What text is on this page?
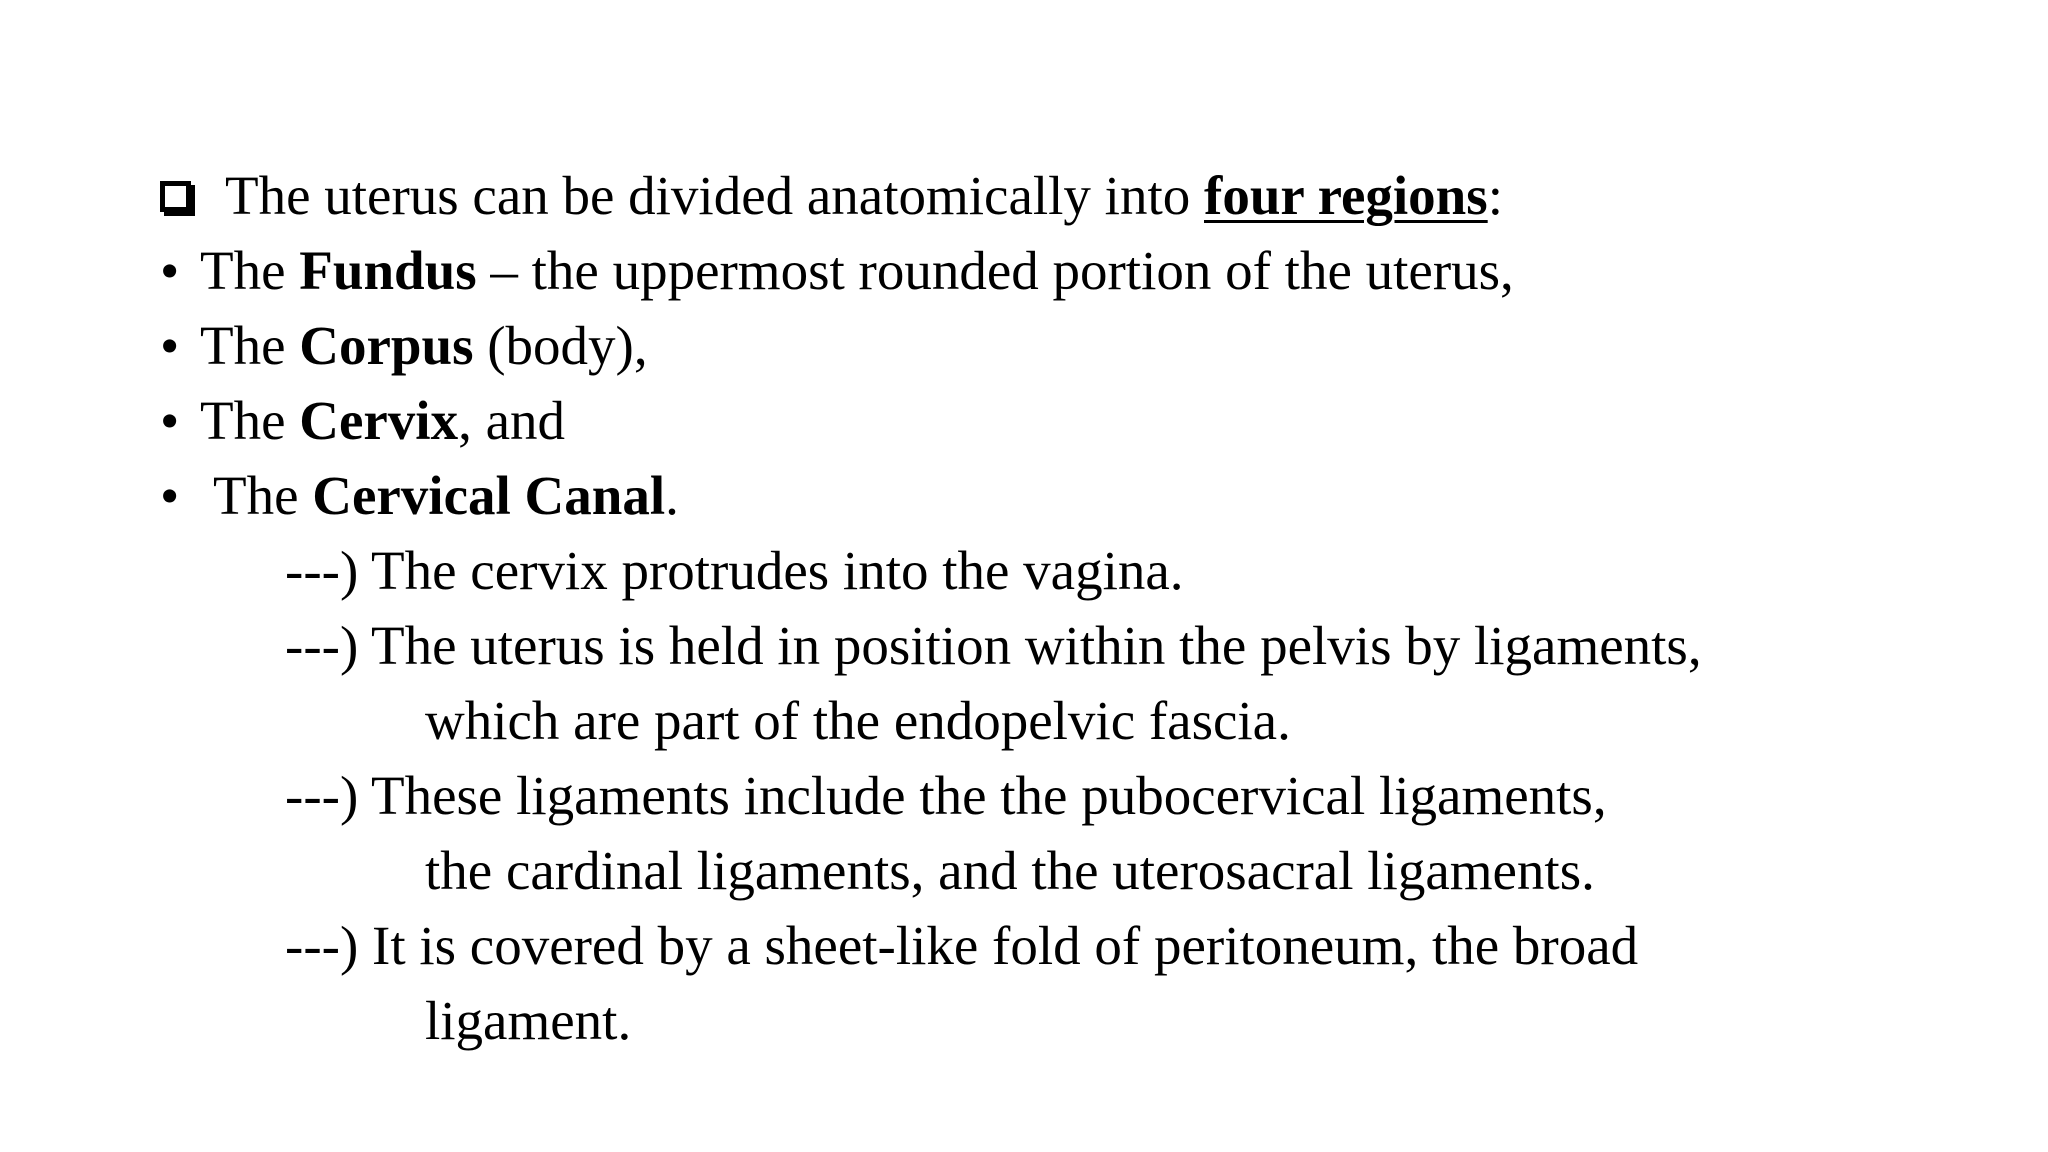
The uterus can be divided anatomically into four regions:
• The Fundus – the uppermost rounded portion of the uterus,
• The Corpus (body),
• The Cervix, and
• The Cervical Canal.
---) The cervix protrudes into the vagina.
---) The uterus is held in position within the pelvis by ligaments,
which are part of the endopelvic fascia.
---) These ligaments include the the pubocervical ligaments,
the cardinal ligaments, and the uterosacral ligaments.
---) It is covered by a sheet-like fold of peritoneum, the broad
ligament.
